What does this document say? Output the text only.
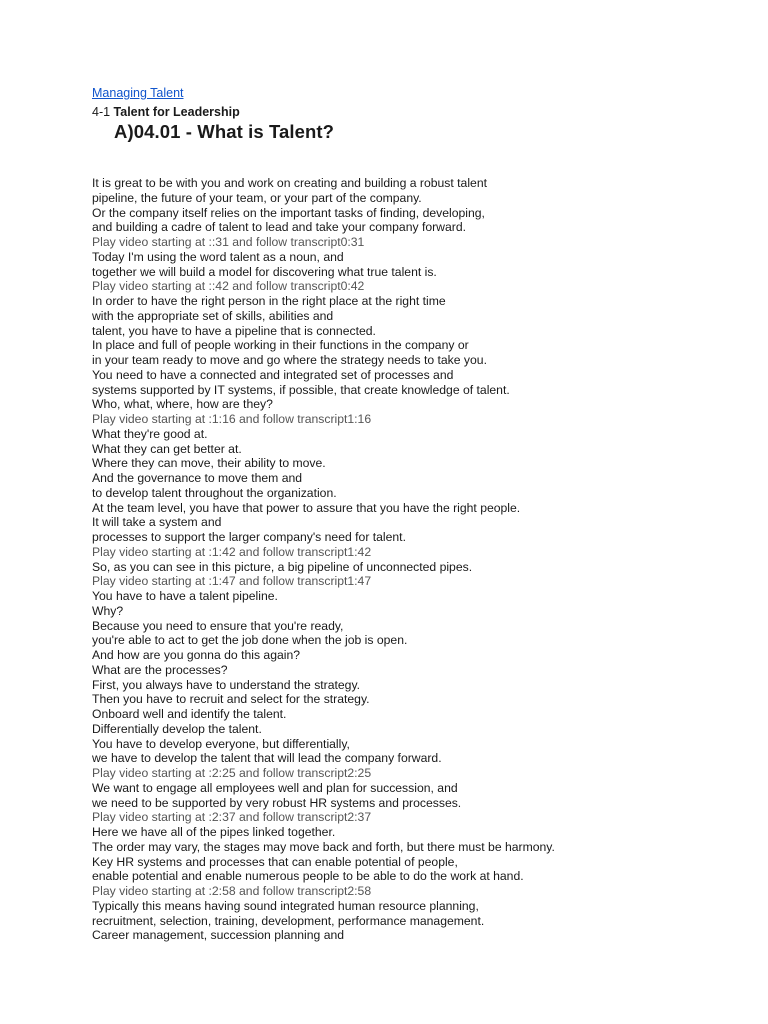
Managing Talent
4-1 Talent for Leadership
A)04.01 - What is Talent?
It is great to be with you and work on creating and building a robust talent
pipeline, the future of your team, or your part of the company.
Or the company itself relies on the important tasks of finding, developing,
and building a cadre of talent to lead and take your company forward.
Play video starting at ::31 and follow transcript0:31
Today I'm using the word talent as a noun, and
together we will build a model for discovering what true talent is.
Play video starting at ::42 and follow transcript0:42
In order to have the right person in the right place at the right time
with the appropriate set of skills, abilities and
talent, you have to have a pipeline that is connected.
In place and full of people working in their functions in the company or
in your team ready to move and go where the strategy needs to take you.
You need to have a connected and integrated set of processes and
systems supported by IT systems, if possible, that create knowledge of talent.
Who, what, where, how are they?
Play video starting at :1:16 and follow transcript1:16
What they're good at.
What they can get better at.
Where they can move, their ability to move.
And the governance to move them and
to develop talent throughout the organization.
At the team level, you have that power to assure that you have the right people.
It will take a system and
processes to support the larger company's need for talent.
Play video starting at :1:42 and follow transcript1:42
So, as you can see in this picture, a big pipeline of unconnected pipes.
Play video starting at :1:47 and follow transcript1:47
You have to have a talent pipeline.
Why?
Because you need to ensure that you're ready,
you're able to act to get the job done when the job is open.
And how are you gonna do this again?
What are the processes?
First, you always have to understand the strategy.
Then you have to recruit and select for the strategy.
Onboard well and identify the talent.
Differentially develop the talent.
You have to develop everyone, but differentially,
we have to develop the talent that will lead the company forward.
Play video starting at :2:25 and follow transcript2:25
We want to engage all employees well and plan for succession, and
we need to be supported by very robust HR systems and processes.
Play video starting at :2:37 and follow transcript2:37
Here we have all of the pipes linked together.
The order may vary, the stages may move back and forth, but there must be harmony.
Key HR systems and processes that can enable potential of people,
enable potential and enable numerous people to be able to do the work at hand.
Play video starting at :2:58 and follow transcript2:58
Typically this means having sound integrated human resource planning,
recruitment, selection, training, development, performance management.
Career management, succession planning and
